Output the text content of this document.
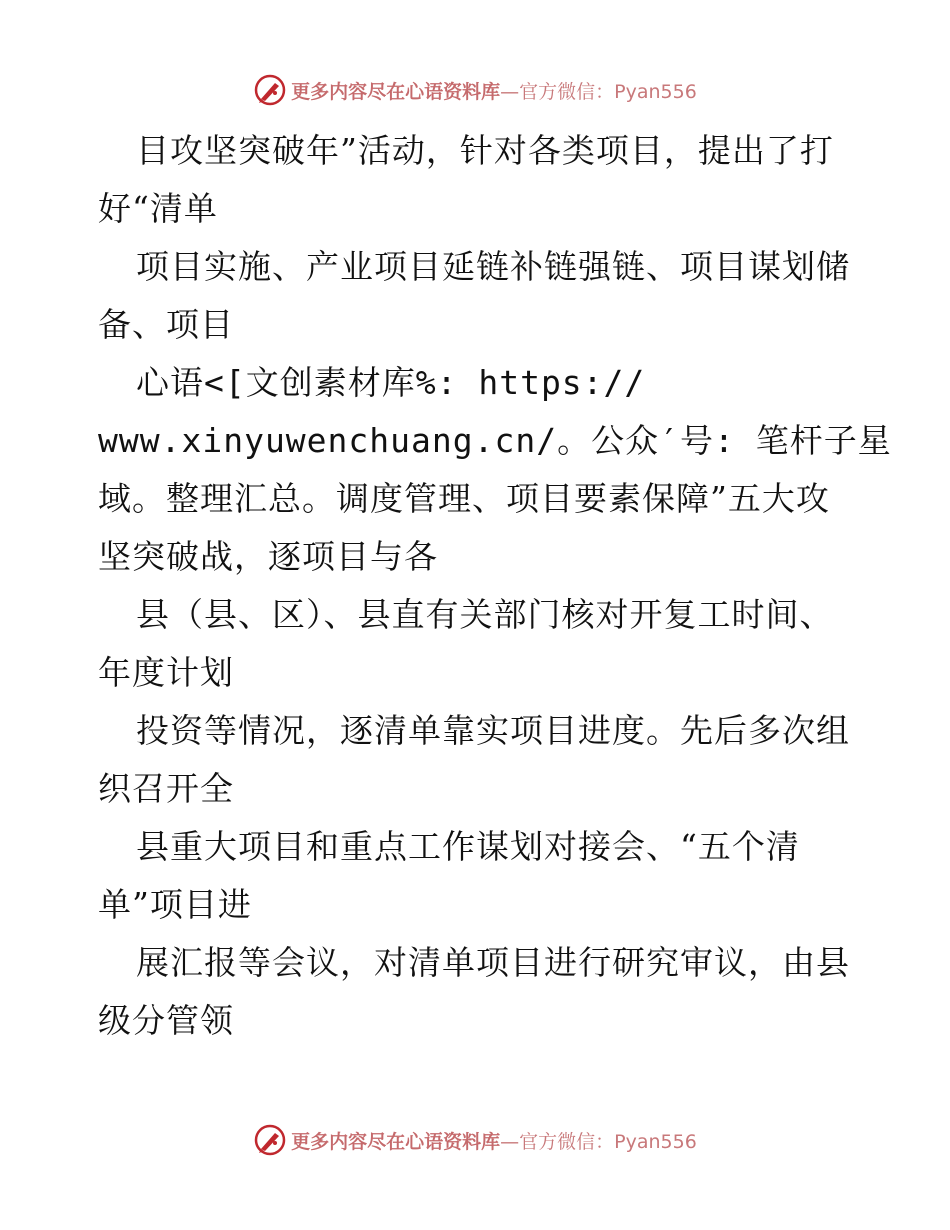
更多内容尽在心语资料库—官方微信：Pyan556
目攻坚突破年”活动，针对各类项目，提出了打
好“清单
项目实施、产业项目延链补链强链、项目谋划储
备、项目
心语<[文创素材库%: https://
www.xinyuwenchuang.cn/。公众′号: 笔杆子星
域。整理汇总。调度管理、项目要素保障”五大攻
坚突破战，逐项目与各
县（县、区）、县直有关部门核对开复工时间、
年度计划
投资等情况，逐清单靠实项目进度。先后多次组
织召开全
县重大项目和重点工作谋划对接会、“五个清
单”项目进
展汇报等会议，对清单项目进行研究审议，由县
级分管领
更多内容尽在心语资料库—官方微信：Pyan556
